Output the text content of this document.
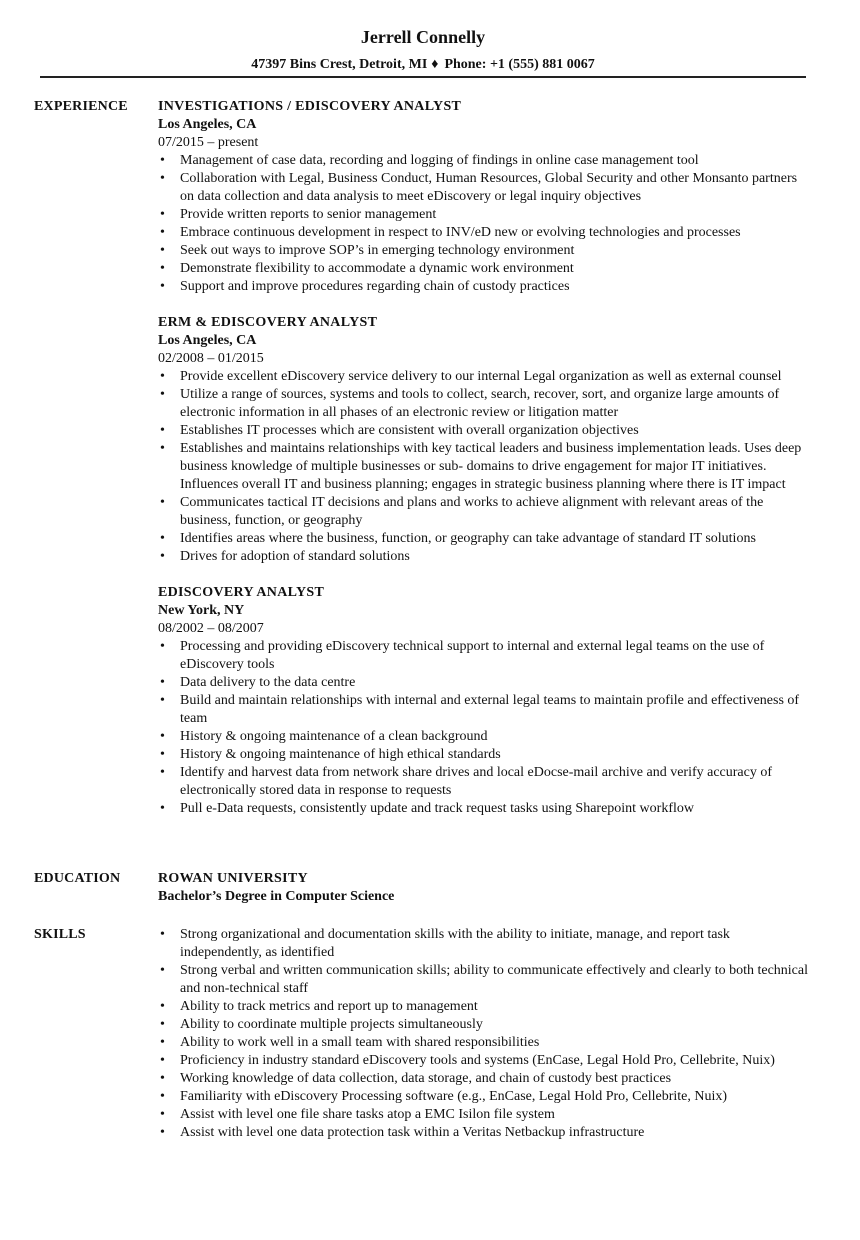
Jerrell Connelly
47397 Bins Crest, Detroit, MI ♦ Phone: +1 (555) 881 0067
EXPERIENCE INVESTIGATIONS / EDISCOVERY ANALYST
Los Angeles, CA
07/2015 – present
• Management of case data, recording and logging of findings in online case management tool
• Collaboration with Legal, Business Conduct, Human Resources, Global Security and other Monsanto partners on data collection and data analysis to meet eDiscovery or legal inquiry objectives
• Provide written reports to senior management
• Embrace continuous development in respect to INV/eD new or evolving technologies and processes
• Seek out ways to improve SOP’s in emerging technology environment
• Demonstrate flexibility to accommodate a dynamic work environment
• Support and improve procedures regarding chain of custody practices
ERM & EDISCOVERY ANALYST
Los Angeles, CA
02/2008 – 01/2015
• Provide excellent eDiscovery service delivery to our internal Legal organization as well as external counsel
• Utilize a range of sources, systems and tools to collect, search, recover, sort, and organize large amounts of electronic information in all phases of an electronic review or litigation matter
• Establishes IT processes which are consistent with overall organization objectives
• Establishes and maintains relationships with key tactical leaders and business implementation leads. Uses deep business knowledge of multiple businesses or sub- domains to drive engagement for major IT initiatives. Influences overall IT and business planning; engages in strategic business planning where there is IT impact
• Communicates tactical IT decisions and plans and works to achieve alignment with relevant areas of the business, function, or geography
• Identifies areas where the business, function, or geography can take advantage of standard IT solutions
• Drives for adoption of standard solutions
EDISCOVERY ANALYST
New York, NY
08/2002 – 08/2007
• Processing and providing eDiscovery technical support to internal and external legal teams on the use of eDiscovery tools
• Data delivery to the data centre
• Build and maintain relationships with internal and external legal teams to maintain profile and effectiveness of team
• History & ongoing maintenance of a clean background
• History & ongoing maintenance of high ethical standards
• Identify and harvest data from network share drives and local eDocse-mail archive and verify accuracy of electronically stored data in response to requests
• Pull e-Data requests, consistently update and track request tasks using Sharepoint workflow
EDUCATION	ROWAN UNIVERSITY
Bachelor’s Degree in Computer Science
SKILLS
•	Strong organizational and documentation skills with the ability to initiate, manage, and report task independently, as identified
• Strong verbal and written communication skills; ability to communicate effectively and clearly to both technical and non-technical staff
• Ability to track metrics and report up to management
• Ability to coordinate multiple projects simultaneously
• Ability to work well in a small team with shared responsibilities
• Proficiency in industry standard eDiscovery tools and systems (EnCase, Legal Hold Pro, Cellebrite, Nuix)
• Working knowledge of data collection, data storage, and chain of custody best practices
• Familiarity with eDiscovery Processing software (e.g., EnCase, Legal Hold Pro, Cellebrite, Nuix)
• Assist with level one file share tasks atop a EMC Isilon file system
• Assist with level one data protection task within a Veritas Netbackup infrastructure
